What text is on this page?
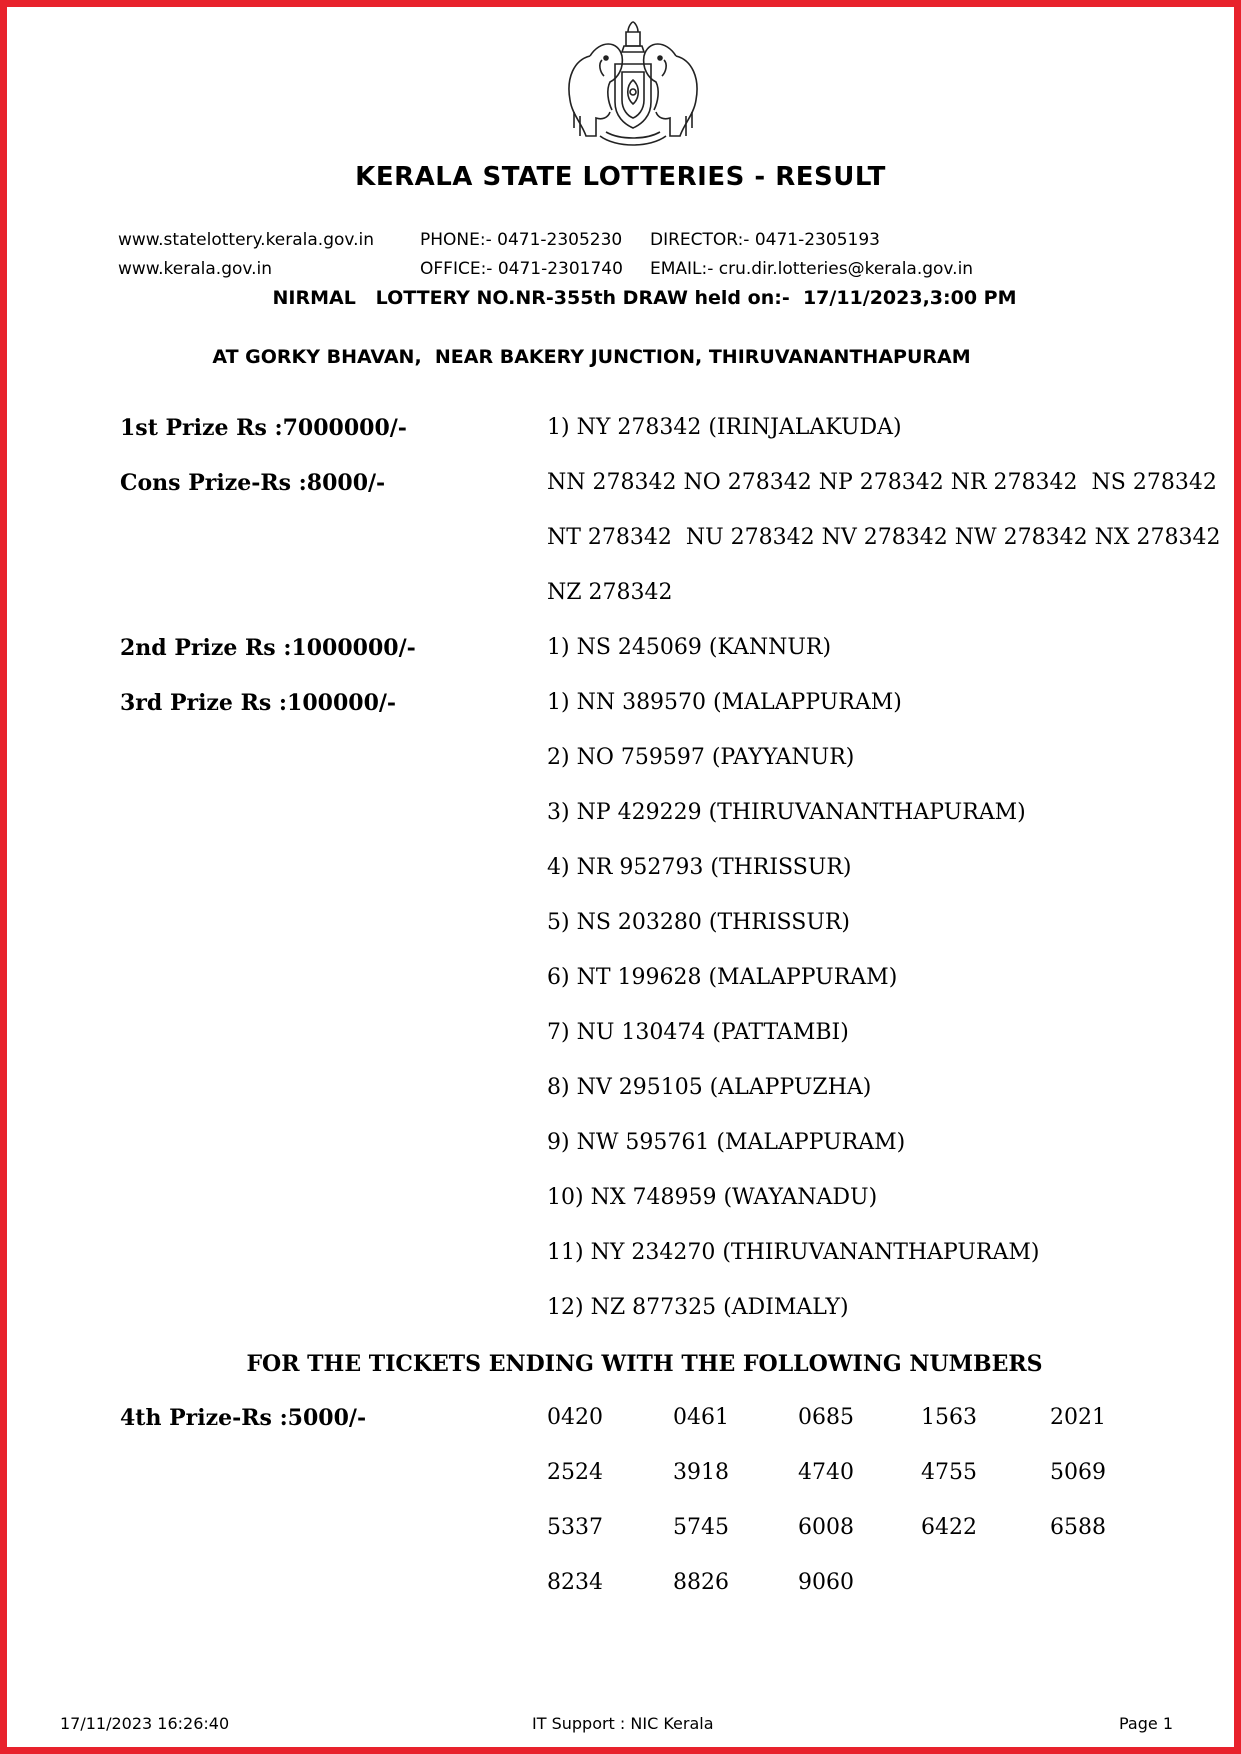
KERALA STATE LOTTERIES - RESULT
www.statelottery.kerala.gov.in	PHONE:- 0471-2305230 DIRECTOR:- 0471-2305193
www.kerala.gov.in	OFFICE:- 0471-2301740 EMAIL:- cru.dir.lotteries@kerala.gov.in
NIRMAL   LOTTERY NO.NR-355th DRAW held on:-  17/11/2023,3:00 PM
AT GORKY BHAVAN,  NEAR BAKERY JUNCTION, THIRUVANANTHAPURAM
1st Prize Rs :7000000/-	1) NY 278342 (IRINJALAKUDA)
Cons Prize-Rs :8000/-	NN 278342 NO 278342 NP 278342 NR 278342  NS 278342
NT 278342  NU 278342 NV 278342 NW 278342 NX 278342
NZ 278342
2nd Prize Rs :1000000/-	1) NS 245069 (KANNUR)
3rd Prize Rs :100000/-	1) NN 389570 (MALAPPURAM)
2) NO 759597 (PAYYANUR)
3) NP 429229 (THIRUVANANTHAPURAM)
4) NR 952793 (THRISSUR)
5) NS 203280 (THRISSUR)
6) NT 199628 (MALAPPURAM)
7) NU 130474 (PATTAMBI)
8) NV 295105 (ALAPPUZHA)
9) NW 595761 (MALAPPURAM)
10) NX 748959 (WAYANADU)
11) NY 234270 (THIRUVANANTHAPURAM)
12) NZ 877325 (ADIMALY)
FOR THE TICKETS ENDING WITH THE FOLLOWING NUMBERS
4th Prize-Rs :5000/-	0420	0461	0685	1563	2021
2524	3918	4740	4755	5069
5337	5745	6008	6422	6588
8234	8826	9060
17/11/2023 16:26:40	IT Support : NIC Kerala	Page 1
